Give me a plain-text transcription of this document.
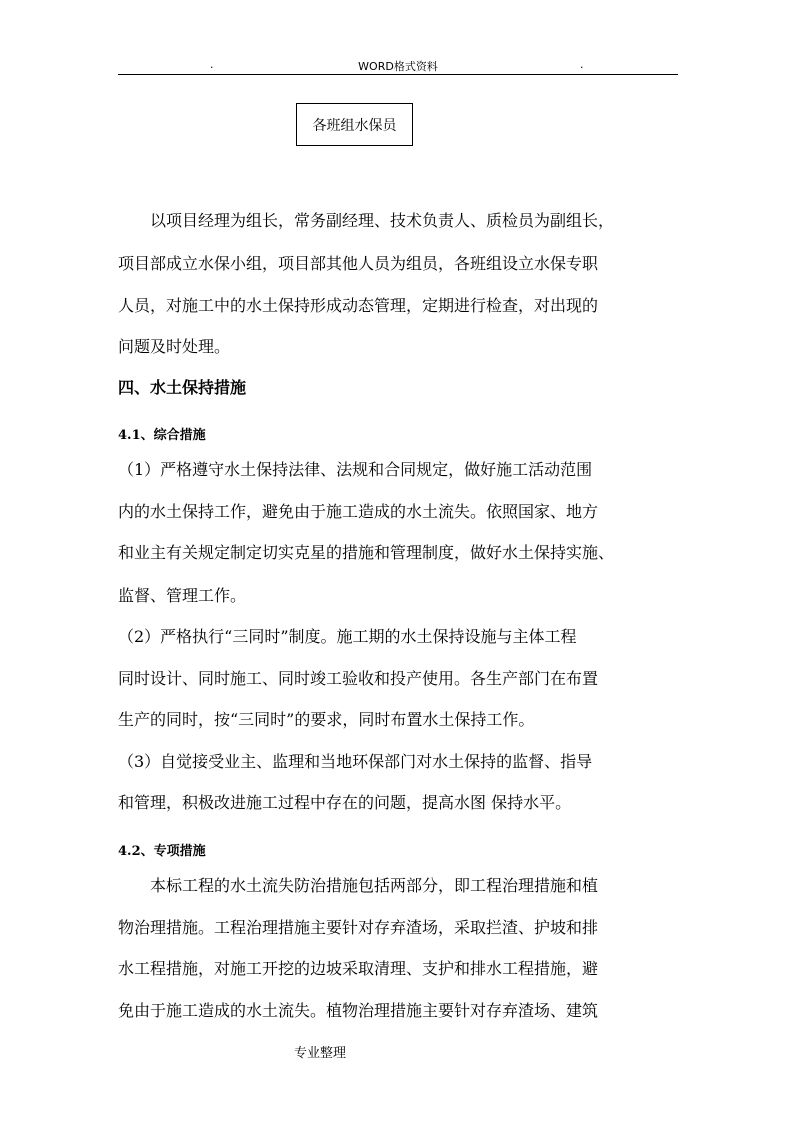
.	WORD格式资料	.
各班组水保员
以项目经理为组长，常务副经理、技术负责人、质检员为副组长，
项目部成立水保小组，项目部其他人员为组员，各班组设立水保专职
人员，对施工中的水土保持形成动态管理，定期进行检查，对出现的
问题及时处理。
四、水土保持措施
4.1、综合措施
（1）严格遵守水土保持法律、法规和合同规定，做好施工活动范围
内的水土保持工作，避免由于施工造成的水土流失。依照国家、地方
和业主有关规定制定切实克星的措施和管理制度，做好水土保持实施、
监督、管理工作。
（2）严格执行“三同时”制度。施工期的水土保持设施与主体工程
同时设计、同时施工、同时竣工验收和投产使用。各生产部门在布置
生产的同时，按“三同时”的要求，同时布置水土保持工作。
（3）自觉接受业主、监理和当地环保部门对水土保持的监督、指导
和管理，积极改进施工过程中存在的问题，提高水图 保持水平。
4.2、专项措施
本标工程的水土流失防治措施包括两部分，即工程治理措施和植
物治理措施。工程治理措施主要针对存弃渣场，采取拦渣、护坡和排
水工程措施，对施工开挖的边坡采取清理、支护和排水工程措施，避
免由于施工造成的水土流失。植物治理措施主要针对存弃渣场、建筑
专业整理
